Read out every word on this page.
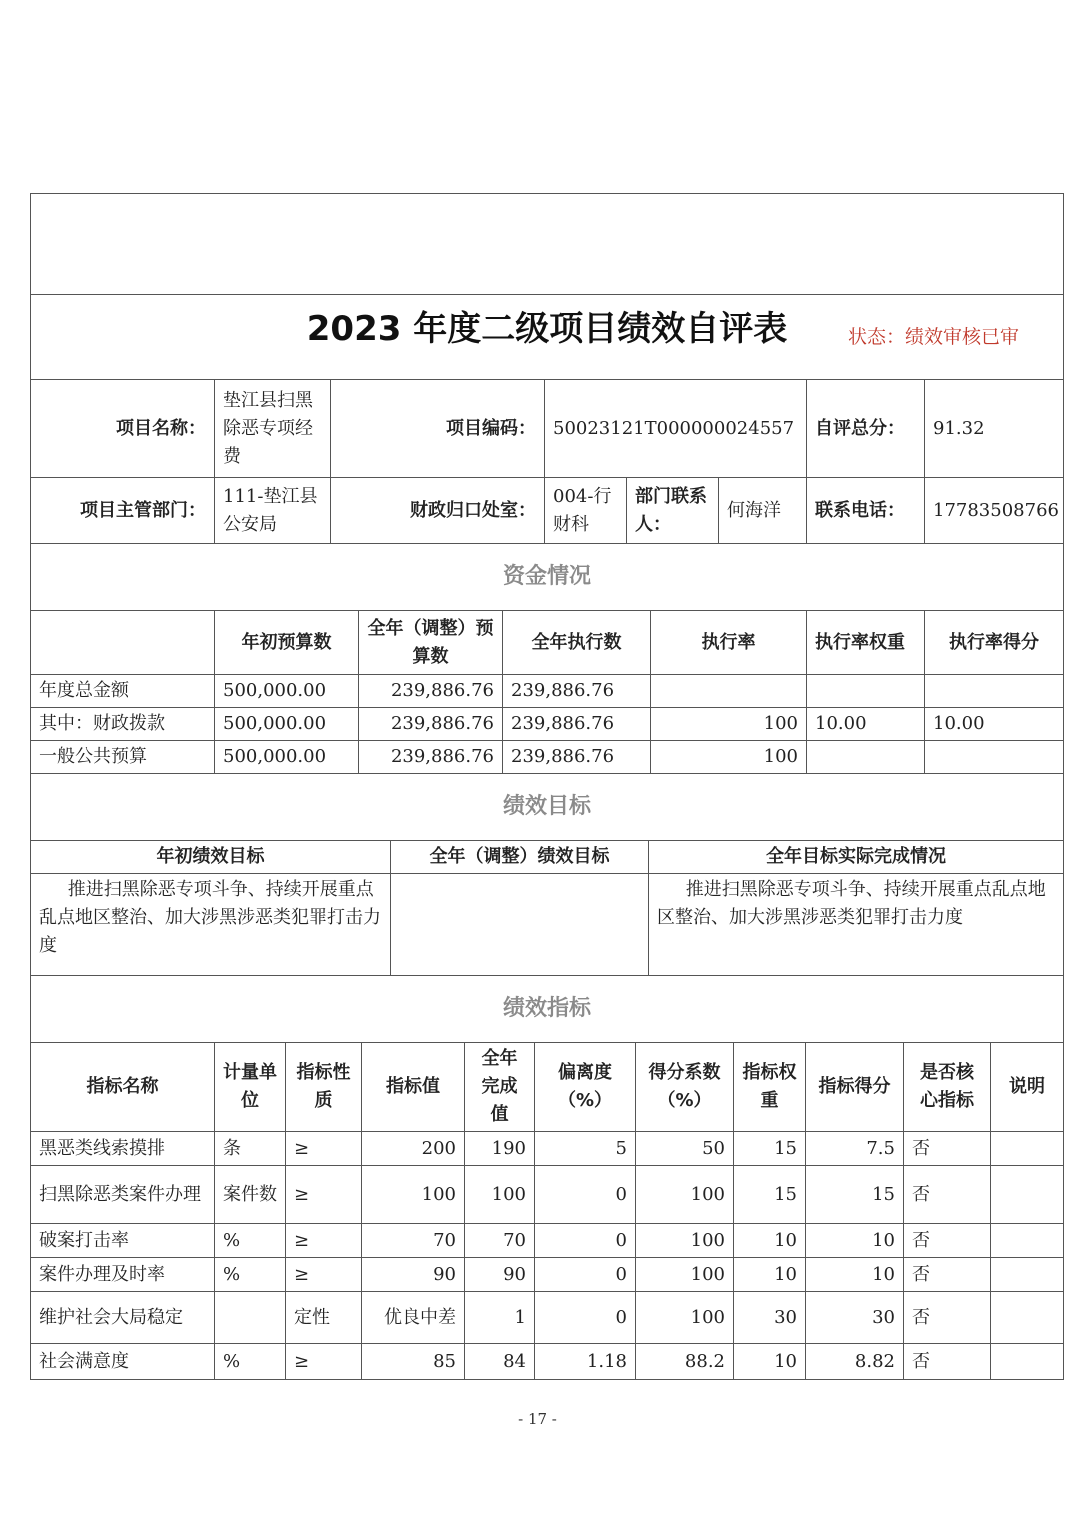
2023 年度二级项目绩效自评表 状态：绩效审核已审							

项目名称：	垫江县扫黑除恶专项经费	项目编码：	50023121T000000024557			自评总分：	91.32
项目主管部门：	111-垫江县公安局	财政归口处室：	004-行财科	部门联系人：	何海洋	联系电话：	17783508766
资金情况						
	年初预算数	全年（调整）预算数	全年执行数	执行率	执行率权重	执行率得分
年度总金额	500,000.00	239,886.76	239,886.76			
其中：财政拨款	500,000.00	239,886.76	239,886.76	100	10.00	10.00
一般公共预算	500,000.00	239,886.76	239,886.76	100		
绩效目标		
年初绩效目标	全年（调整）绩效目标	全年目标实际完成情况
推进扫黑除恶专项斗争、持续开展重点乱点地区整治、加大涉黑涉恶类犯罪打击力度		推进扫黑除恶专项斗争、持续开展重点乱点地区整治、加大涉黑涉恶类犯罪打击力度
绩效指标										
指标名称	计量单位	指标性质	指标值	全年完成值	偏离度（%）	得分系数（%）	指标权重	指标得分	是否核心指标	说明
黑恶类线索摸排	条	≥	200	190	5	50	15	7.5	否	
扫黑除恶类案件办理	案件数	≥	100	100	0	100	15	15	否	
破案打击率	%	≥	70	70	0	100	10	10	否	
案件办理及时率	%	≥	90	90	0	100	10	10	否	
维护社会大局稳定		定性	优良中差	1	0	100	30	30	否	
社会满意度	%	≥	85	84	1.18	88.2	10	8.82	否	
- 17 -
